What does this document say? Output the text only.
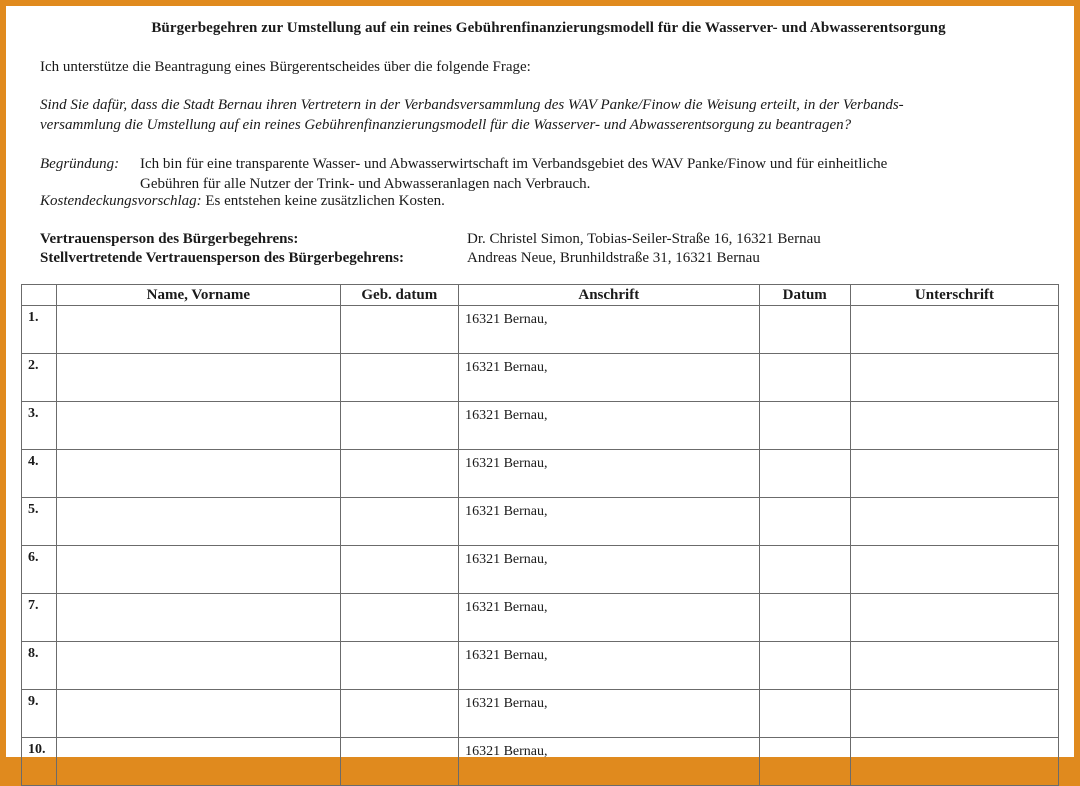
Bürgerbegehren zur Umstellung auf ein reines Gebührenfinanzierungsmodell für die Wasserver- und Abwasserentsorgung
Ich unterstütze die Beantragung eines Bürgerentscheides über die folgende Frage:
Sind Sie dafür, dass die Stadt Bernau ihren Vertretern in der Verbandsversammlung des WAV Panke/Finow die Weisung erteilt, in der Verbands-
versammlung die Umstellung auf ein reines Gebührenfinanzierungsmodell für die Wasserver- und Abwasserentsorgung zu beantragen?
Begründung: Ich bin für eine transparente Wasser- und Abwasserwirtschaft im Verbandsgebiet des WAV Panke/Finow und für einheitliche
Gebühren für alle Nutzer der Trink- und Abwasseranlagen nach Verbrauch.
Kostendeckungsvorschlag: Es entstehen keine zusätzlichen Kosten.
Vertrauensperson des Bürgerbegehrens:	Dr. Christel Simon, Tobias-Seiler-Straße 16, 16321 Bernau
Stellvertretende Vertrauensperson des Bürgerbegehrens:	Andreas Neue, Brunhildstraße 31, 16321 Bernau
	Name, Vorname	Geb. datum	Anschrift	Datum	Unterschrift
1.			16321 Bernau,		
2.			16321 Bernau,		
3.			16321 Bernau,		
4.			16321 Bernau,		
5.			16321 Bernau,		
6.			16321 Bernau,		
7.			16321 Bernau,		
8.			16321 Bernau,		
9.			16321 Bernau,		
10.			16321 Bernau,		
